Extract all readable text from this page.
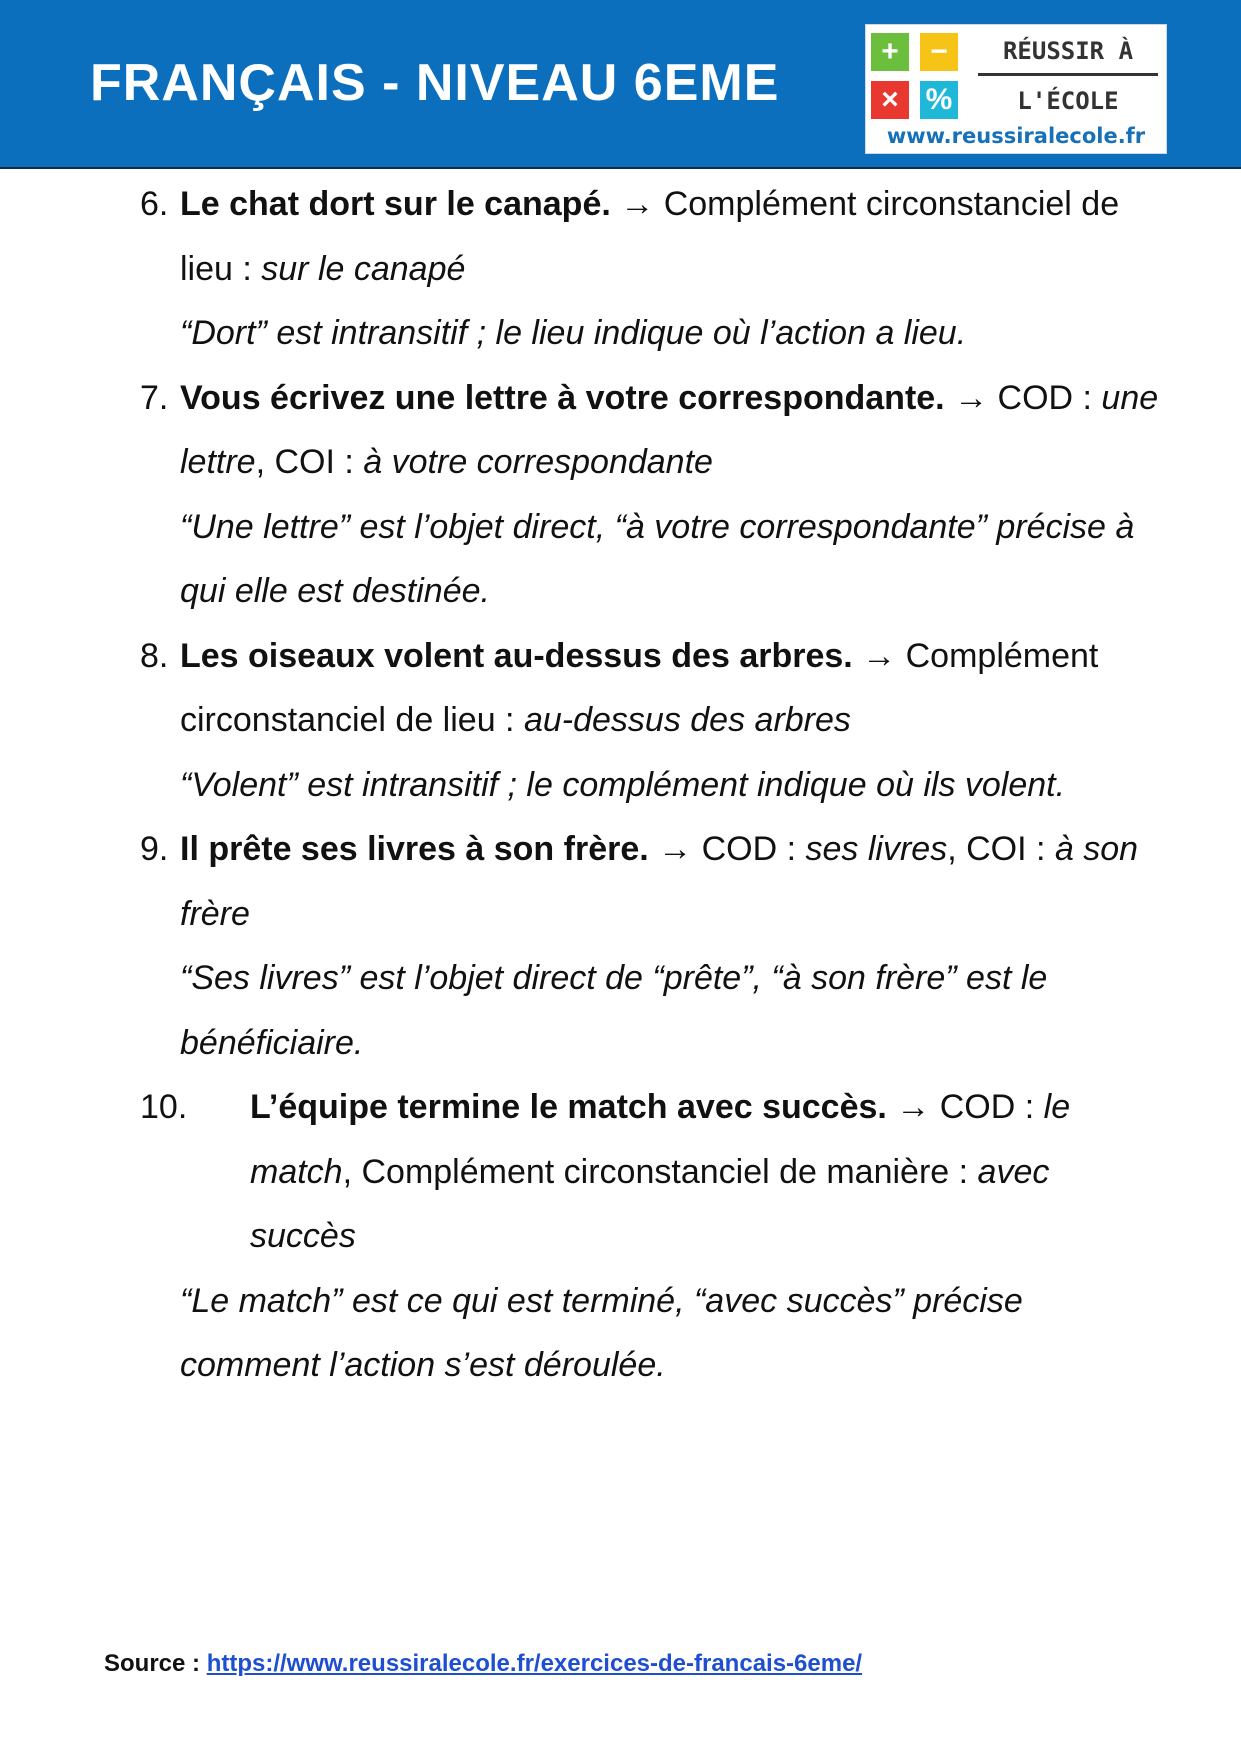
FRANÇAIS - NIVEAU 6EME
+	−
× %
RÉUSSIR À
L'ÉCOLE
www.reussiralecole.fr
6. Le chat dort sur le canapé. → Complément circonstanciel de lieu : sur le canapé
“Dort” est intransitif ; le lieu indique où l’action a lieu.
7. Vous écrivez une lettre à votre correspondante. → COD : une lettre, COI : à votre correspondante
“Une lettre” est l’objet direct, “à votre correspondante” précise à qui elle est destinée.
8. Les oiseaux volent au-dessus des arbres. → Complément circonstanciel de lieu : au-dessus des arbres
“Volent” est intransitif ; le complément indique où ils volent.
9. Il prête ses livres à son frère. → COD : ses livres, COI : à son frère
“Ses livres” est l’objet direct de “prête”, “à son frère” est le bénéficiaire.
10. L’équipe termine le match avec succès. → COD : le match, Complément circonstanciel de manière : avec succès
“Le match” est ce qui est terminé, “avec succès” précise comment l’action s’est déroulée.
Source : https://www.reussiralecole.fr/exercices-de-francais-6eme/
